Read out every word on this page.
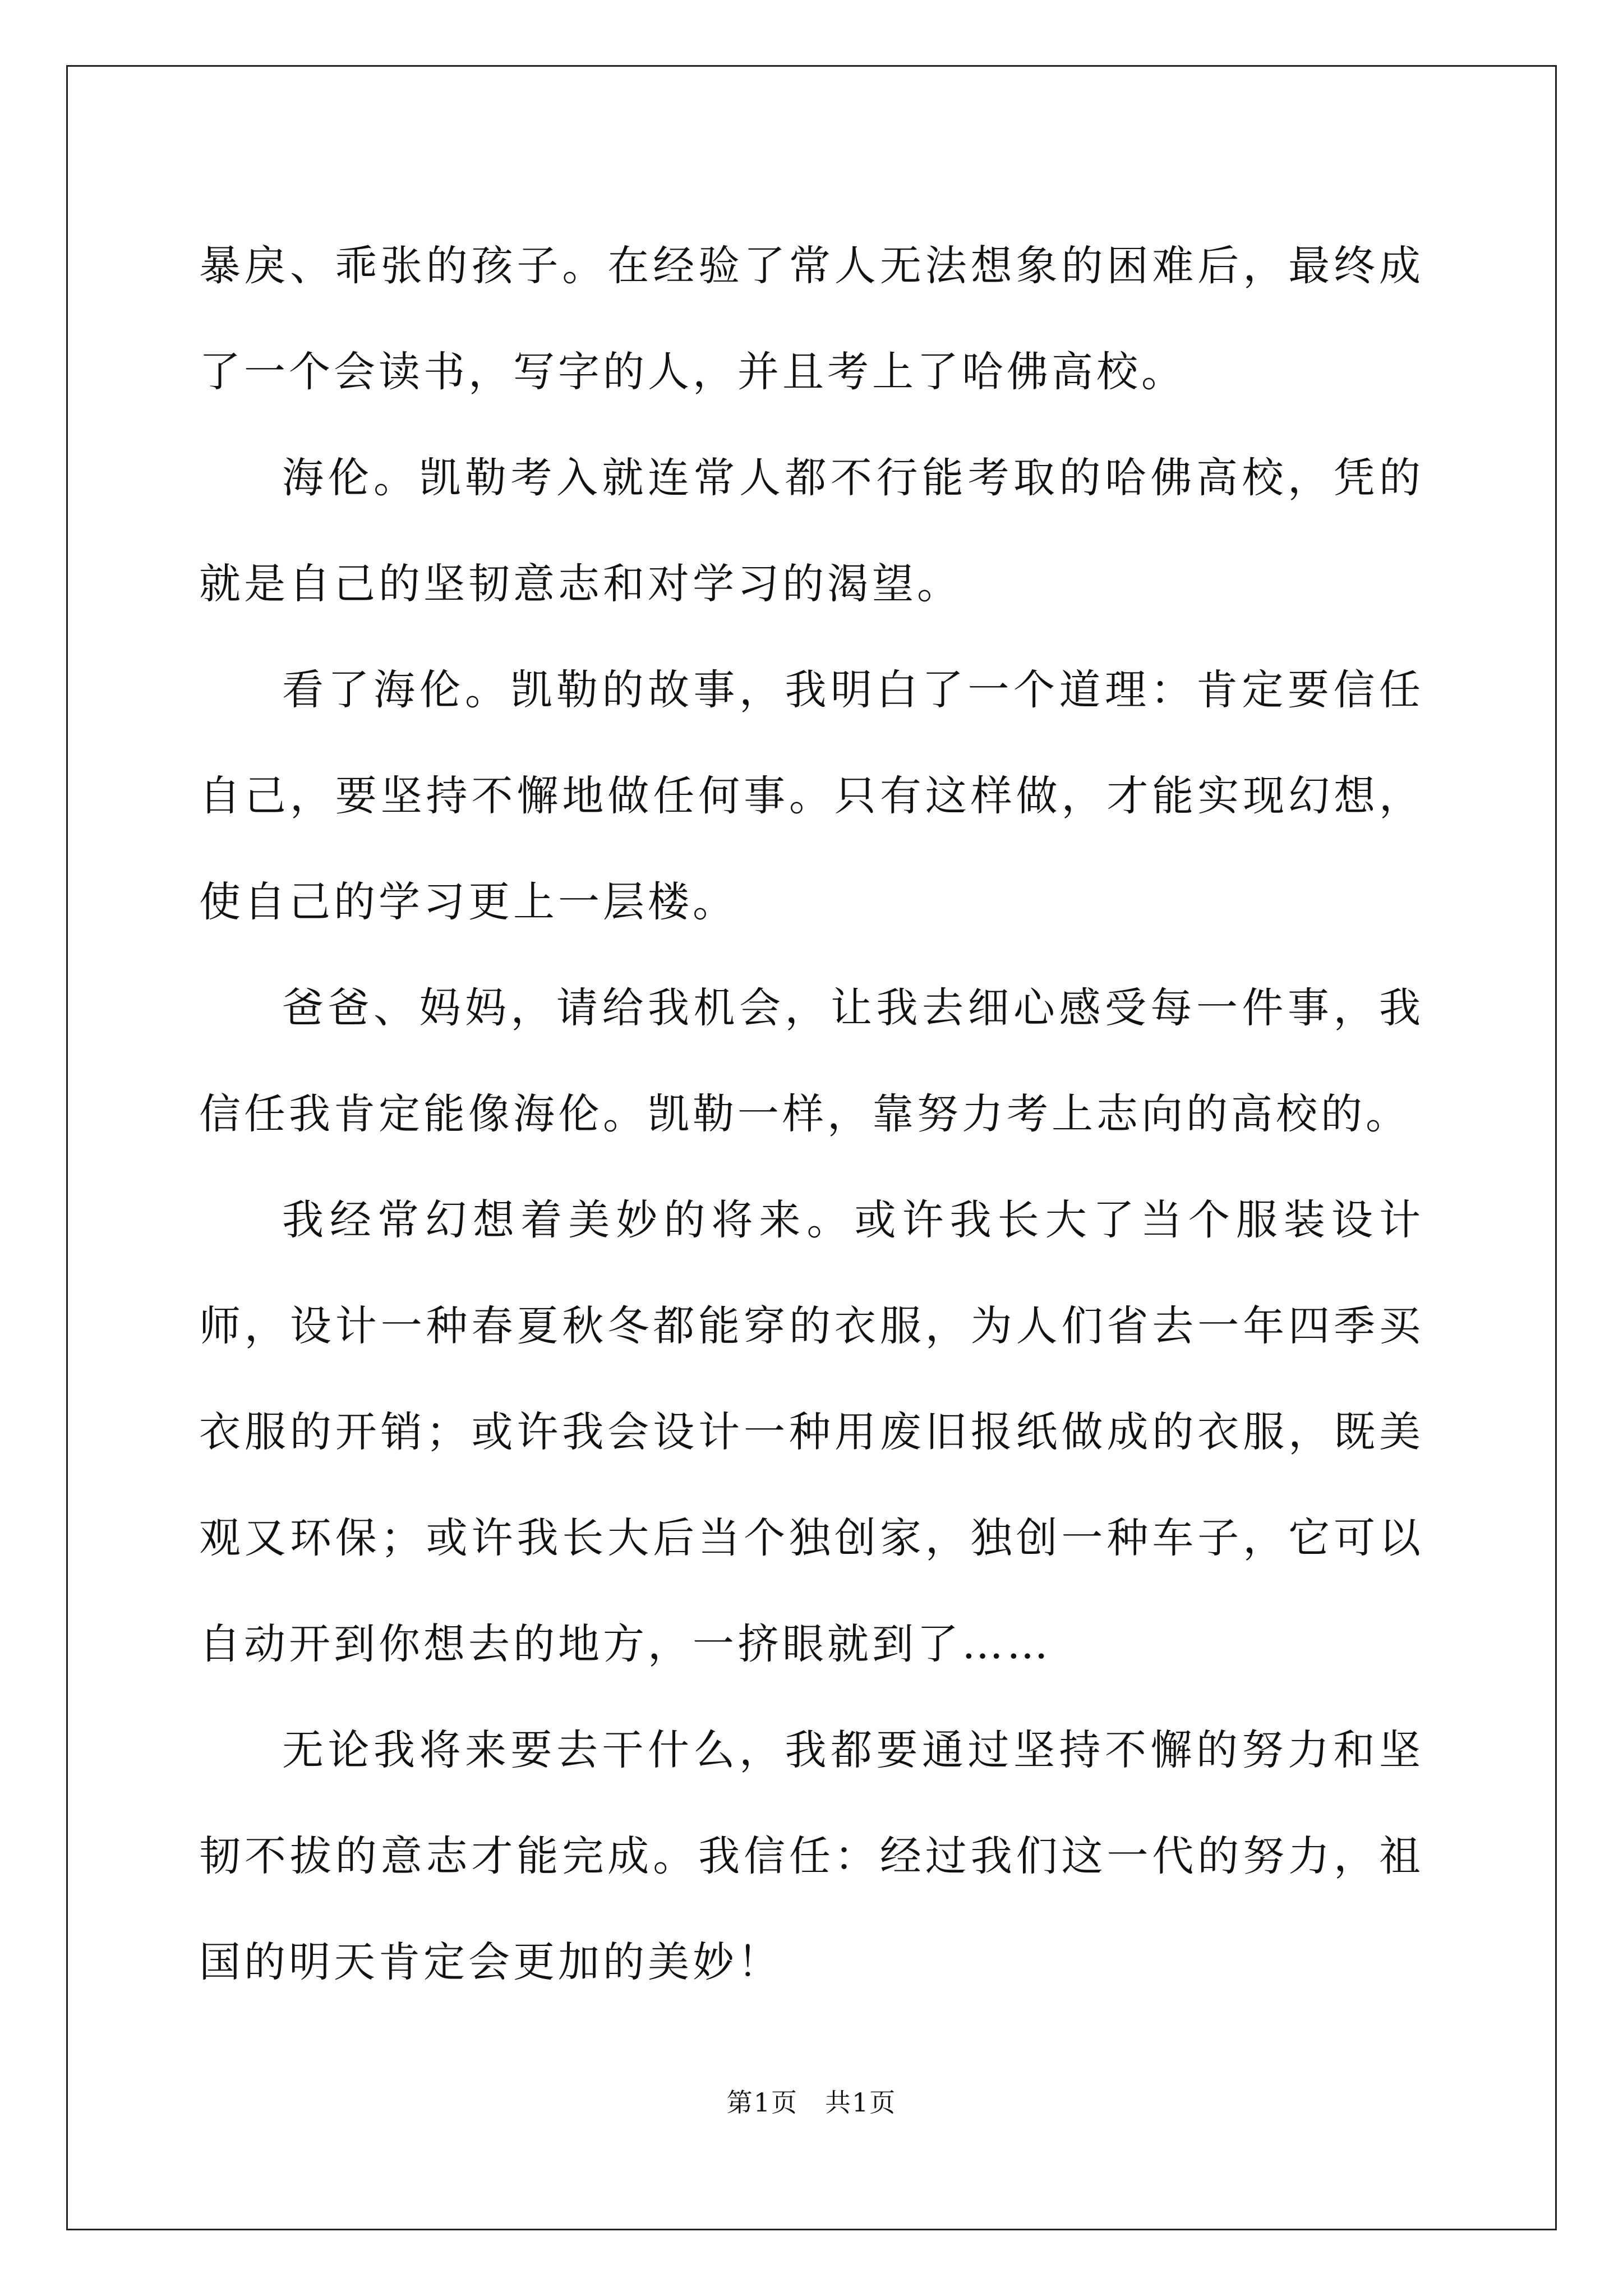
暴戾、乖张的孩子。在经验了常人无法想象的困难后，最终成了一个会读书，写字的人，并且考上了哈佛高校。

海伦。凯勒考入就连常人都不行能考取的哈佛高校，凭的就是自己的坚韧意志和对学习的渴望。

看了海伦。凯勒的故事，我明白了一个道理：肯定要信任自己，要坚持不懈地做任何事。只有这样做，才能实现幻想，使自己的学习更上一层楼。

爸爸、妈妈，请给我机会，让我去细心感受每一件事，我信任我肯定能像海伦。凯勒一样，靠努力考上志向的高校的。

我经常幻想着美妙的将来。或许我长大了当个服装设计师，设计一种春夏秋冬都能穿的衣服，为人们省去一年四季买衣服的开销；或许我会设计一种用废旧报纸做成的衣服，既美观又环保；或许我长大后当个独创家，独创一种车子，它可以自动开到你想去的地方，一挤眼就到了……

无论我将来要去干什么，我都要通过坚持不懈的努力和坚韧不拔的意志才能完成。我信任：经过我们这一代的努力，祖国的明天肯定会更加的美妙！

第1页　共1页
